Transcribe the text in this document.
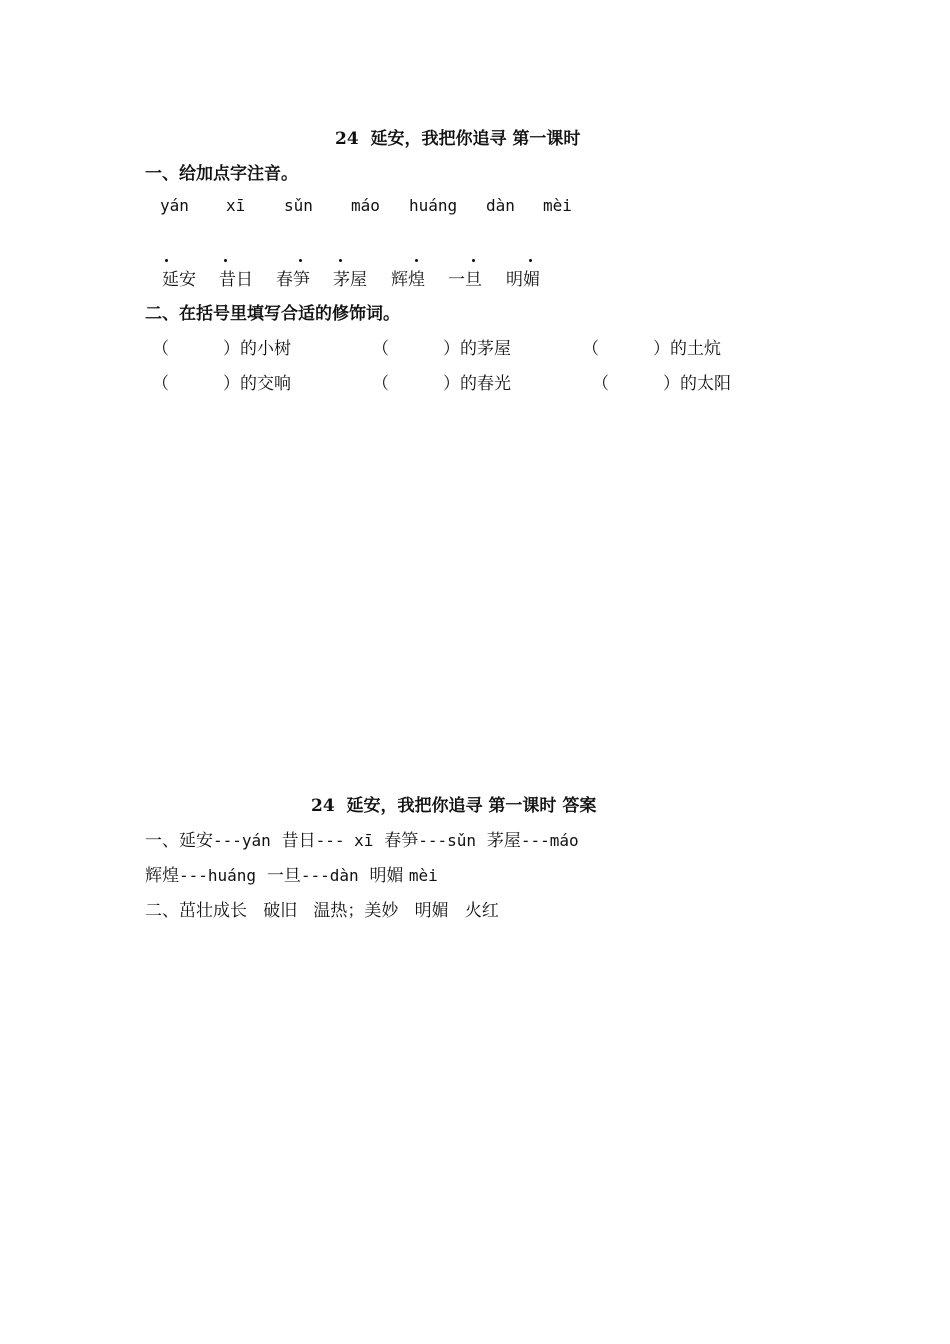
24  延安，我把你追寻 第一课时
一、给加点字注音。
yán xī sǔn máo huáng dàn mèi
延安 昔日 春笋 茅屋 辉煌 一旦 明媚
二、在括号里填写合适的修饰词。
（          ）的小树	（          ）的茅屋	（          ）的土炕
（          ）的交响	（          ）的春光	（          ）的太阳
24  延安，我把你追寻 第一课时 答案
一、延安---yán 昔日--- xī 春笋---sǔn 茅屋---máo
辉煌---huáng 一旦---dàn 明媚 mèi
二、茁壮成长   破旧   温热；美妙   明媚   火红
